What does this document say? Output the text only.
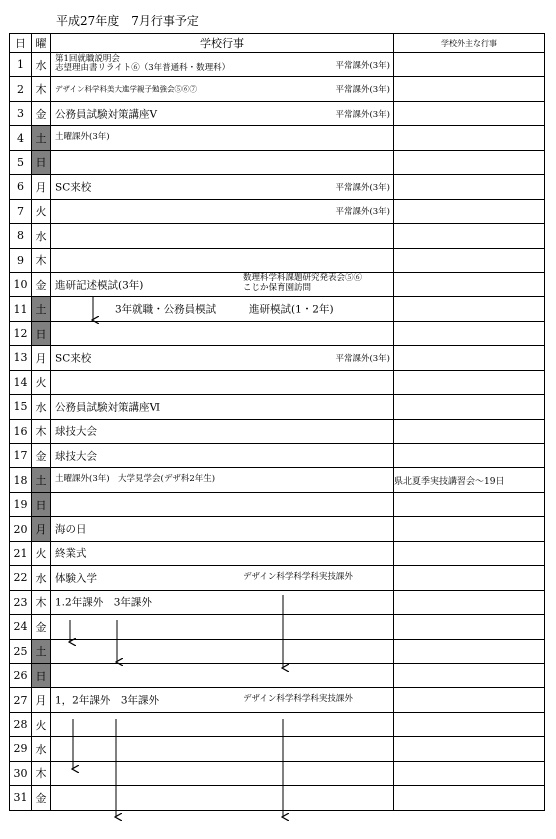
平成27年度　7月行事予定
日	曜	学校行事	学校外主な行事
1	水	第1回就職説明会
志望理由書リライト⑥（3年普通科・数理科） 平常課外(3年)	

2	木	デザイン科学科美大進学親子勉強会⑤⑥⑦ 平常課外(3年)	

3	金	公務員試験対策講座Ⅴ 平常課外(3年)	

4	土	土曜課外(3年)	

5	日		
6	月	SC来校 平常課外(3年)	

7	火	平常課外(3年)	

8	水		
9	木		
10	金	進研記述模試(3年)
数理科学科課題研究発表会⑤⑥
こじか保育園訪問	

11	土	3年就職・公務員模試 進研模試(1・2年)	

12	日		
13	月	SC来校 平常課外(3年)	

14	火		
15	水	公務員試験対策講座Ⅵ	

16	木	球技大会	

17	金	球技大会	

18	土	土曜課外(3年)　大学見学会(デザ科2年生)	県北夏季実技講習会～19日
19	日		
20	月	海の日	

21	火	終業式	

22	水	体験入学 デザイン科学科学科実技課外	

23	木	1.2年課外　3年課外	

24	金		
25	土		
26	日		
27	月	1，2年課外　3年課外 デザイン科学科学科実技課外	

28	火		
29	水		
30	木		
31	金		
